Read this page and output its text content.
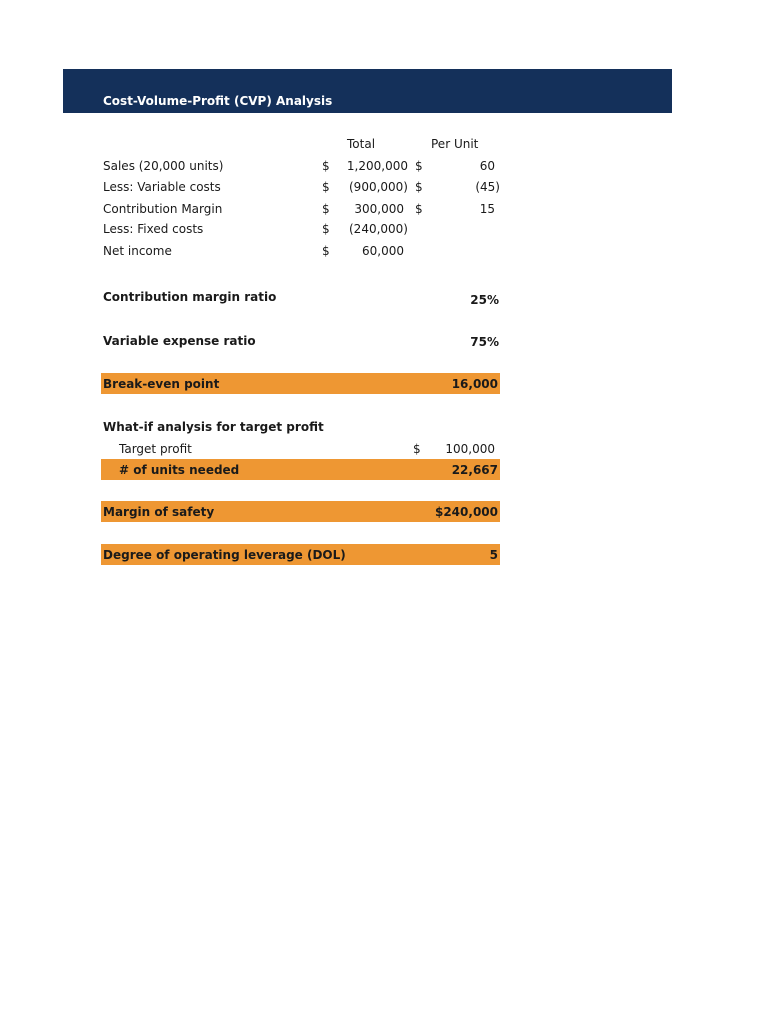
Cost-Volume-Profit (CVP) Analysis
Total	Per Unit
Sales (20,000 units)	$	1,200,000 $	60
Less: Variable costs	$	(900,000) $	(45)
Contribution Margin	$	300,000 $	15
Less: Fixed costs	$	(240,000)
Net income	$	60,000
Contribution margin ratio	25%
Variable expense ratio	75%
Break-even point	16,000
What-if analysis for target profit
Target profit	$	100,000
# of units needed	22,667
Margin of safety	$240,000
Degree of operating leverage (DOL)	5
